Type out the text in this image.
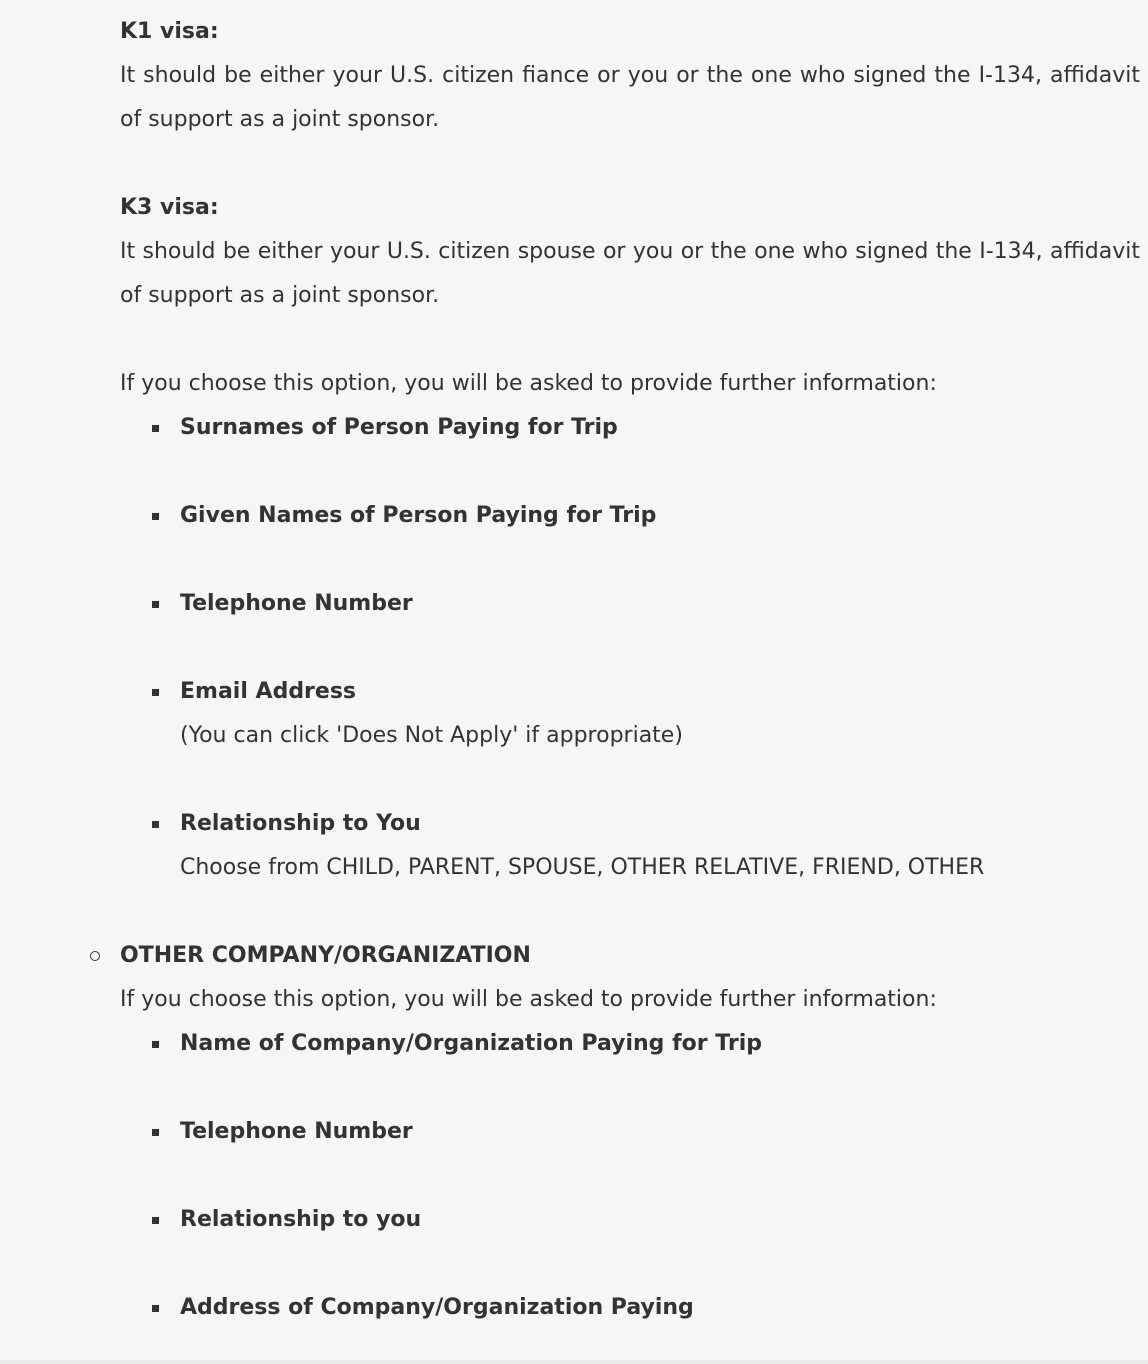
K1 visa:
It should be either your U.S. citizen fiance or you or the one who signed the I-134, affidavit of support as a joint sponsor.
K3 visa:
It should be either your U.S. citizen spouse or you or the one who signed the I-134, affidavit of support as a joint sponsor.
If you choose this option, you will be asked to provide further information:
Surnames of Person Paying for Trip
Given Names of Person Paying for Trip
Telephone Number
Email Address
(You can click 'Does Not Apply' if appropriate)
Relationship to You
Choose from CHILD, PARENT, SPOUSE, OTHER RELATIVE, FRIEND, OTHER
OTHER COMPANY/ORGANIZATION
If you choose this option, you will be asked to provide further information:
Name of Company/Organization Paying for Trip
Telephone Number
Relationship to you
Address of Company/Organization Paying
